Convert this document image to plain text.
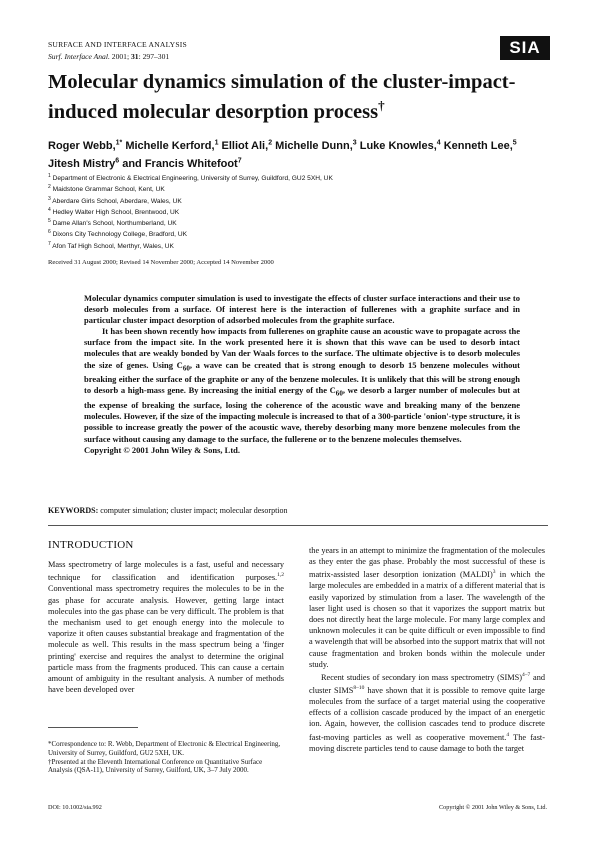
SURFACE AND INTERFACE ANALYSIS
Surf. Interface Anal. 2001; 31: 297–301	SIA
Molecular dynamics simulation of the cluster-impact-induced molecular desorption process†
Roger Webb,$^{1*}$ Michelle Kerford,$^1$ Elliot Ali,$^2$ Michelle Dunn,$^3$ Luke Knowles,$^4$ Kenneth Lee,$^5$
Jitesh Mistry$^6$ and Francis Whitefoot$^7$
$^1$ Department of Electronic & Electrical Engineering, University of Surrey, Guildford, GU2 5XH, UK
$^2$ Maidstone Grammar School, Kent, UK
$^3$ Aberdare Girls School, Aberdare, Wales, UK
$^4$ Hedley Walter High School, Brentwood, UK
$^5$ Dame Allan's School, Northumberland, UK
$^6$ Dixons City Technology College, Bradford, UK
$^7$ Afon Taf High School, Merthyr, Wales, UK
Received 31 August 2000; Revised 14 November 2000; Accepted 14 November 2000

Molecular dynamics computer simulation is used to investigate the effects of cluster surface interactions and their use to desorb molecules from a surface. Of interest here is the interaction of fullerenes with a graphite surface and in particular cluster impact desorption of adsorbed molecules from the graphite surface.

It has been shown recently how impacts from fullerenes on graphite cause an acoustic wave to propagate across the surface from the impact site. In the work presented here it is shown that this wave can be used to desorb intact molecules that are weakly bonded by Van der Waals forces to the surface. The ultimate objective is to desorb molecules the size of genes. Using $C_{60}$, a wave can be created that is strong enough to desorb 15 benzene molecules without breaking either the surface of the graphite or any of the benzene molecules. It is unlikely that this will be strong enough to desorb a high-mass gene. By increasing the initial energy of the $C_{60}$, we desorb a larger number of molecules but at the expense of breaking the surface, losing the coherence of the acoustic wave and breaking many of the benzene molecules. However, if the size of the impacting molecule is increased to that of a 300-particle 'onion'-type structure, it is possible to increase greatly the power of the acoustic wave, thereby desorbing many more benzene molecules from the surface without causing any damage to the surface, the fullerene or to the benzene molecules themselves.

Copyright © 2001 John Wiley & Sons, Ltd.

KEYWORDS: computer simulation; cluster impact; molecular desorption
INTRODUCTION

Mass spectrometry of large molecules is a fast, useful and necessary technique for classification and identification purposes.$^{1,2}$ Conventional mass spectrometry requires the molecules to be in the gas phase for accurate analysis. However, getting large intact molecules into the gas phase can be very difficult. The problem is that the mechanism used to get enough energy into the molecule to vaporize it often causes substantial breakage and fragmentation of the molecule as well. This results in the mass spectrum being a 'finger printing' exercise and requires the analyst to determine the original particle mass from the fragments produced. This can cause a certain amount of ambiguity in the resultant analysis. A number of methods have been developed over

the years in an attempt to minimize the fragmentation of the molecules as they enter the gas phase. Probably the most successful of these is matrix-assisted laser desorption ionization (MALDI)$^3$ in which the large molecules are embedded in a matrix of a different material that is easily vaporized by stimulation from a laser. The wavelength of the laser light used is chosen so that it vaporizes the support matrix but does not directly heat the large molecule. For many large complex and unknown molecules it can be quite difficult or even impossible to find a wavelength that will be absorbed into the support matrix that will not cause fragmentation and broken bonds within the molecule under study.

Recent studies of secondary ion mass spectrometry (SIMS)$^{4-7}$ and cluster SIMS$^{8-10}$ have shown that it is possible to remove quite large molecules from the surface of a target material using the cooperative effects of a collision cascade produced by the impact of an energetic ion. Again, however, the collision cascades tend to produce discrete fast-moving particles as well as cooperative movement.$^4$ The fast-moving discrete particles tend to cause damage to both the target

*Correspondence to: R. Webb, Department of Electronic & Electrical Engineering, University of Surrey, Guildford, GU2 5XH, UK.

†Presented at the Eleventh International Conference on Quantitative Surface Analysis (QSA-11), University of Surrey, Guilford, UK, 3–7 July 2000.

DOI: 10.1002/sia.992	Copyright © 2001 John Wiley & Sons, Ltd.
